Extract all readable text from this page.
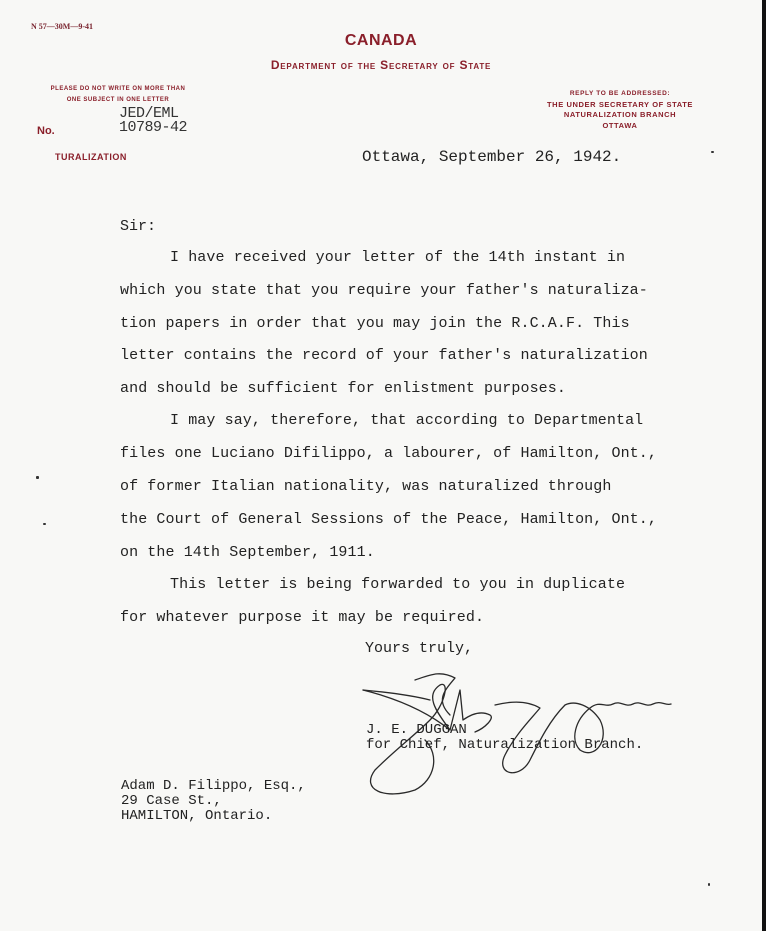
N 57—30M—9-41
CANADA
Department of the Secretary of State
PLEASE DO NOT WRITE ON MORE THAN
ONE SUBJECT IN ONE LETTER
REPLY TO BE ADDRESSED:
THE UNDER SECRETARY OF STATE
NATURALIZATION BRANCH
OTTAWA
JED/EML
10789-42
No.
TURALIZATION	Ottawa, September 26, 1942.
Sir:
I have received your letter of the 14th instant in
which you state that you require your father's naturaliza-
tion papers in order that you may join the R.C.A.F. This
letter contains the record of your father's naturalization
and should be sufficient for enlistment purposes.
I may say, therefore, that according to Departmental
files one Luciano Difilippo, a labourer, of Hamilton, Ont.,
of former Italian nationality, was naturalized through
the Court of General Sessions of the Peace, Hamilton, Ont.,
on the 14th September, 1911.
This letter is being forwarded to you in duplicate
for whatever purpose it may be required.
Yours truly,
J. E. DUGGAN
for Chief, Naturalization Branch.
Adam D. Filippo, Esq.,
29 Case St.,
HAMILTON, Ontario.
